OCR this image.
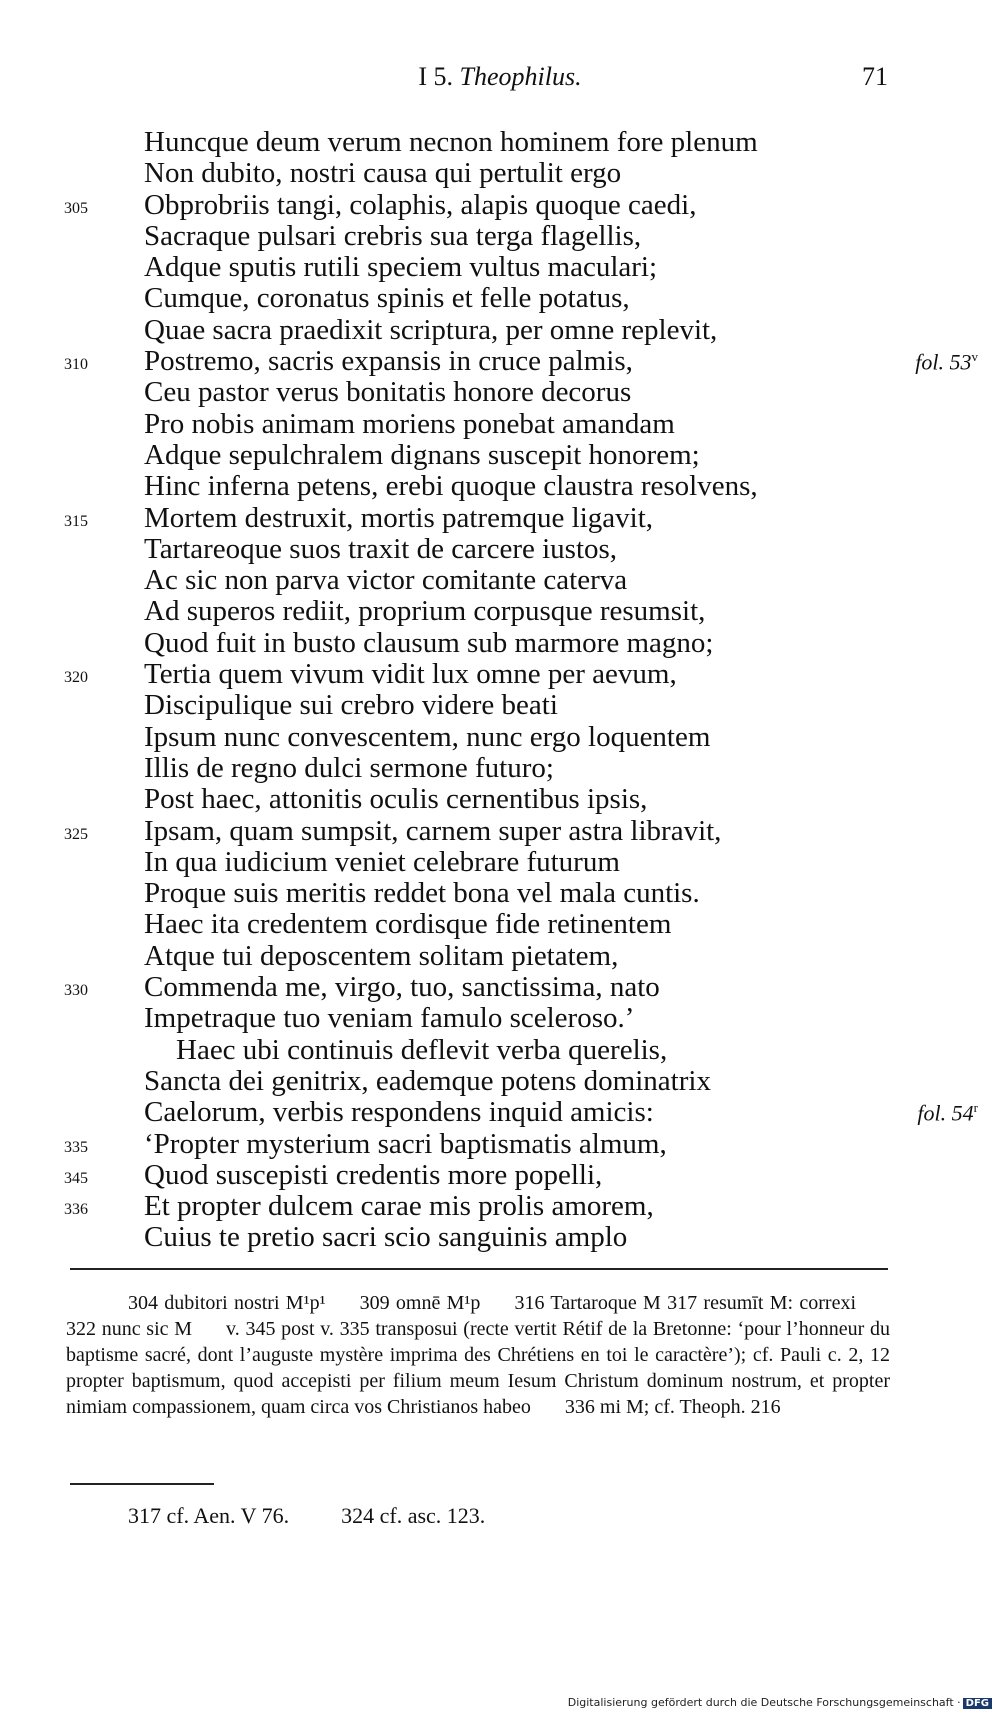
I 5. Theophilus.	71
Huncque deum verum necnon hominem fore plenum
Non dubito, nostri causa qui pertulit ergo
305 Obprobriis tangi, colaphis, alapis quoque caedi,
Sacraque pulsari crebris sua terga flagellis,
Adque sputis rutili speciem vultus maculari;
Cumque, coronatus spinis et felle potatus,
Quae sacra praedixit scriptura, per omne replevit,
310 Postremo, sacris expansis in cruce palmis,	fol. 53$^v$
Ceu pastor verus bonitatis honore decorus
Pro nobis animam moriens ponebat amandam
Adque sepulchralem dignans suscepit honorem;
Hinc inferna petens, erebi quoque claustra resolvens,
315 Mortem destruxit, mortis patremque ligavit,
Tartareoque suos traxit de carcere iustos,
Ac sic non parva victor comitante caterva
Ad superos rediit, proprium corpusque resumsit,
Quod fuit in busto clausum sub marmore magno;
320 Tertia quem vivum vidit lux omne per aevum,
Discipulique sui crebro videre beati
Ipsum nunc convescentem, nunc ergo loquentem
Illis de regno dulci sermone futuro;
Post haec, attonitis oculis cernentibus ipsis,
325 Ipsam, quam sumpsit, carnem super astra libravit,
In qua iudicium veniet celebrare futurum
Proque suis meritis reddet bona vel mala cuntis.
Haec ita credentem cordisque fide retinentem
Atque tui deposcentem solitam pietatem,
330 Commenda me, virgo, tuo, sanctissima, nato
Impetraque tuo veniam famulo sceleroso.’
Haec ubi continuis deflevit verba querelis,
Sancta dei genitrix, eademque potens dominatrix
Caelorum, verbis respondens inquid amicis:	fol. 54$^r$
335 ‘Propter mysterium sacri baptismatis almum,
345 Quod suscepisti credentis more popelli,
336 Et propter dulcem carae mis prolis amorem,
Cuius te pretio sacri scio sanguinis amplo

304 dubitori nostri M¹p¹ 309 omnē M¹p 316 Tartaroque M 317 resumīt M: correxi322 nunc sic M v. 345 post v. 335 transposui (recte vertit Rétif de la Bretonne: ‘pour l’honneur du baptisme sacré, dont l’auguste mystère imprima des Chrétiens en toi le caractère’); cf. Pauli c. 2, 12 propter baptismum, quod accepisti per filium meum Iesum Christum dominum nostrum, et propter nimiam compassionem, quam circa vos Christianos habeo 336 mi M; cf. Theoph. 216

317 cf. Aen. V 76. 324 cf. asc. 123.
Digitalisierung gefördert durch die Deutsche Forschungsgemeinschaft · DFG
